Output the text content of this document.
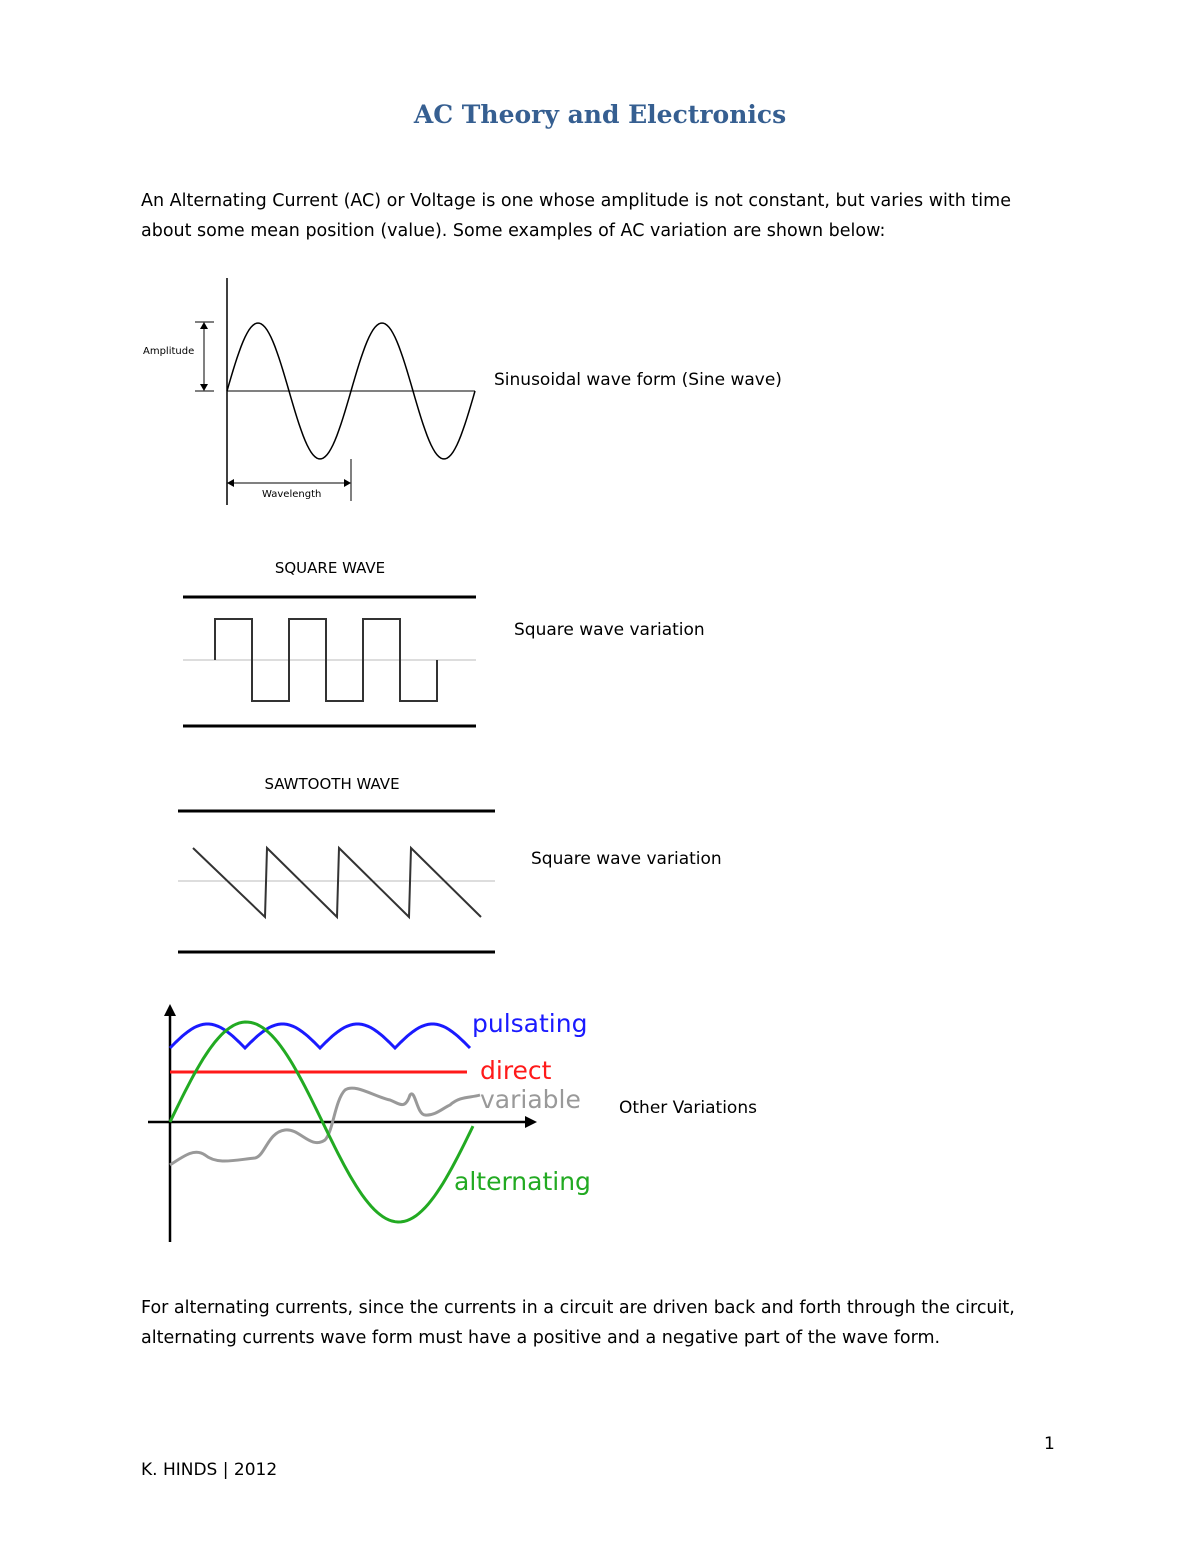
AC Theory and Electronics
An Alternating Current (AC) or Voltage is one whose amplitude is not constant, but varies with time
about some mean position (value). Some examples of AC variation are shown below:
Amplitude
Wavelength
Sinusoidal wave form (Sine wave)
SQUARE WAVE
Square wave variation
SAWTOOTH WAVE
Square wave variation
pulsating
direct
variable
alternating
Other Variations
For alternating currents, since the currents in a circuit are driven back and forth through the circuit,
alternating currents wave form must have a positive and a negative part of the wave form.
1
K. HINDS | 2012
